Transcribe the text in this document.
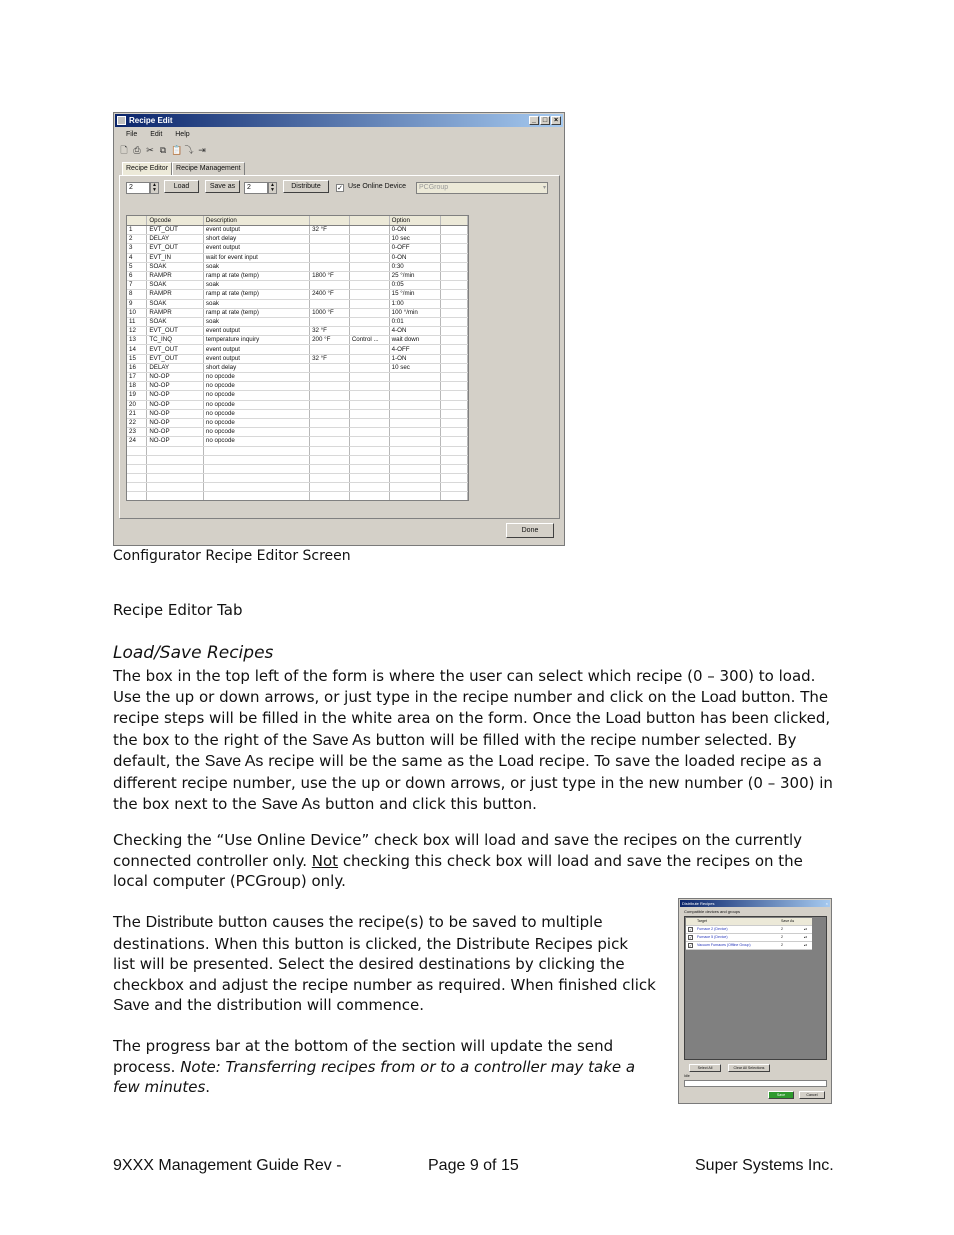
Recipe Edit	_ □ ×
File Edit Help
🗋 ⎙ ✂ ⧉ 📋 ⤵ ⇥
Recipe Editor	Recipe Management
2	▲
▼	Load	Save as	2	▲
▼	Distribute	✓ Use Online Device	PCGroup	▾
Done
	Opcode	Description			Option	
1	EVT_OUT	event output	32 °F		0-ON	
2	DELAY	short delay			10 sec	
3	EVT_OUT	event output			0-OFF	
4	EVT_IN	wait for event input			0-ON	
5	SOAK	soak			0:30	
6	RAMPR	ramp at rate (temp)	1800 °F		25 °/min	
7	SOAK	soak			0:05	
8	RAMPR	ramp at rate (temp)	2400 °F		15 °/min	
9	SOAK	soak			1:00	
10	RAMPR	ramp at rate (temp)	1000 °F		100 °/min	
11	SOAK	soak			0:01	
12	EVT_OUT	event output	32 °F		4-ON	
13	TC_INQ	temperature inquiry	200 °F	Control ...	wait down	
14	EVT_OUT	event output			4-OFF	
15	EVT_OUT	event output	32 °F		1-ON	
16	DELAY	short delay			10 sec	
17	NO-OP	no opcode				
18	NO-OP	no opcode				
19	NO-OP	no opcode				
20	NO-OP	no opcode				
21	NO-OP	no opcode				
22	NO-OP	no opcode				
23	NO-OP	no opcode				
24	NO-OP	no opcode				

Configurator Recipe Editor Screen
Recipe Editor Tab
Load/Save Recipes
The box in the top left of the form is where the user can select which recipe (0 – 300) to load.
Use the up or down arrows, or just type in the recipe number and click on the Load button. The
recipe steps will be filled in the white area on the form. Once the Load button has been clicked,
the box to the right of the Save As button will be filled with the recipe number selected. By
default, the Save As recipe will be the same as the Load recipe. To save the loaded recipe as a
different recipe number, use the up or down arrows, or just type in the new number (0 – 300) in
the box next to the Save As button and click this button.
Checking the “Use Online Device” check box will load and save the recipes on the currently
connected controller only. Not checking this check box will load and save the recipes on the
local computer (PCGroup) only.
The Distribute button causes the recipe(s) to be saved to multiple
destinations. When this button is clicked, the Distribute Recipes pick
list will be presented. Select the desired destinations by clicking the
checkbox and adjust the recipe number as required. When finished click
Save and the distribution will commence.
The progress bar at the bottom of the section will update the send
process. Note: Transferring recipes from or to a controller may take a
few minutes.
Distribute Recipes	×
Compatible devices and groups
Target	Save As
✓ Furnace 2 (Device)	2	▴▾
✓ Furnace 5 (Device)	2	▴▾
✓ Vacuum Furnaces (Offline Group)	2	▴▾
Select All	Clear All Selections
Idle
Save	Cancel
9XXX Management Guide Rev -	Page 9 of 15	Super Systems Inc.
